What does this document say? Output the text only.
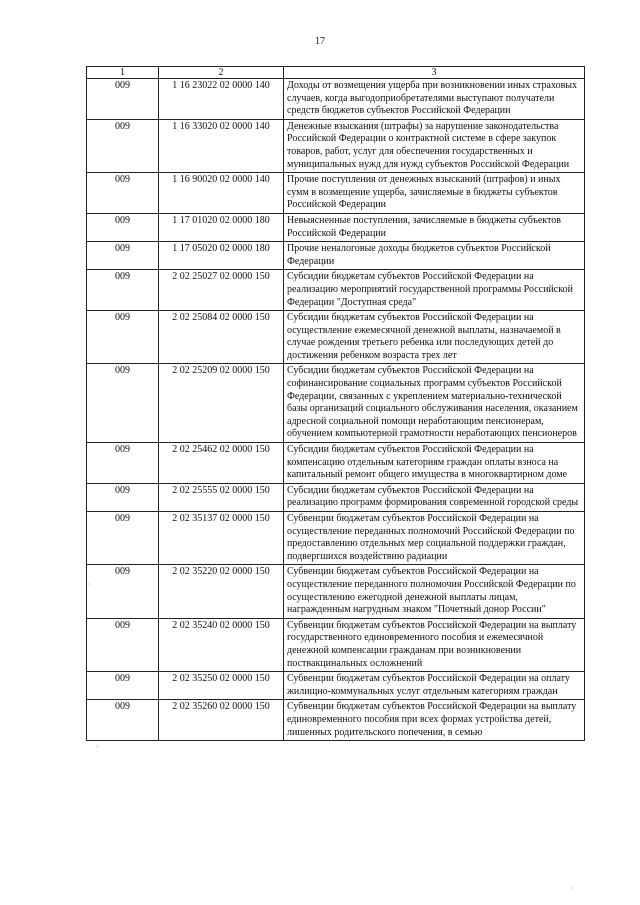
17
1	2	3
009	1 16 23022 02 0000 140	Доходы от возмещения ущерба при возникновении иных страховых случаев, когда выгодоприобретателями выступают получатели средств бюджетов субъектов Российской Федерации
009	1 16 33020 02 0000 140	Денежные взыскания (штрафы) за нарушение законодательства Российской Федерации о контрактной системе в сфере закупок товаров, работ, услуг для обеспечения государственных и муниципальных нужд для нужд субъектов Российской Федерации
009	1 16 90020 02 0000 140	Прочие поступления от денежных взысканий (штрафов) и иных сумм в возмещение ущерба, зачисляемые в бюджеты субъектов Российской Федерации
009	1 17 01020 02 0000 180	Невыясненные поступления, зачисляемые в бюджеты субъектов Российской Федерации
009	1 17 05020 02 0000 180	Прочие неналоговые доходы бюджетов субъектов Российской Федерации
009	2 02 25027 02 0000 150	Субсидии бюджетам субъектов Российской Федерации на реализацию мероприятий государственной программы Российской Федерации "Доступная среда"
009	2 02 25084 02 0000 150	Субсидии бюджетам субъектов Российской Федерации на осуществление ежемесячной денежной выплаты, назначаемой в случае рождения третьего ребенка или последующих детей до достижения ребенком возраста трех лет
009	2 02 25209 02 0000 150	Субсидии бюджетам субъектов Российской Федерации на софинансирование социальных программ субъектов Российской Федерации, связанных с укреплением материально-технической базы организаций социального обслуживания населения, оказанием адресной социальной помощи неработающим пенсионерам, обучением компьютерной грамотности неработающих пенсионеров
009	2 02 25462 02 0000 150	Субсидии бюджетам субъектов Российской Федерации на компенсацию отдельным категориям граждан оплаты взноса на капитальный ремонт общего имущества в многоквартирном доме
009	2 02 25555 02 0000 150	Субсидии бюджетам субъектов Российской Федерации на реализацию программ формирования современной городской среды
009	2 02 35137 02 0000 150	Субвенции бюджетам субъектов Российской Федерации на осуществление переданных полномочий Российской Федерации по предоставлению отдельных мер социальной поддержки граждан, подвергшихся воздействию радиации
009	2 02 35220 02 0000 150	Субвенции бюджетам субъектов Российской Федерации на осуществление переданного полномочия Российской Федерации по осуществлению ежегодной денежной выплаты лицам, награжденным нагрудным знаком "Почетный донор России"
009	2 02 35240 02 0000 150	Субвенции бюджетам субъектов Российской Федерации на выплату государственного единовременного пособия и ежемесячной денежной компенсации гражданам при возникновении поствакцинальных осложнений
009	2 02 35250 02 0000 150	Субвенции бюджетам субъектов Российской Федерации на оплату жилищно-коммунальных услуг отдельным категориям граждан
009	2 02 35260 02 0000 150	Субвенции бюджетам субъектов Российской Федерации на выплату единовременного пособия при всех формах устройства детей, лишенных родительского попечения, в семью
·
·
·
